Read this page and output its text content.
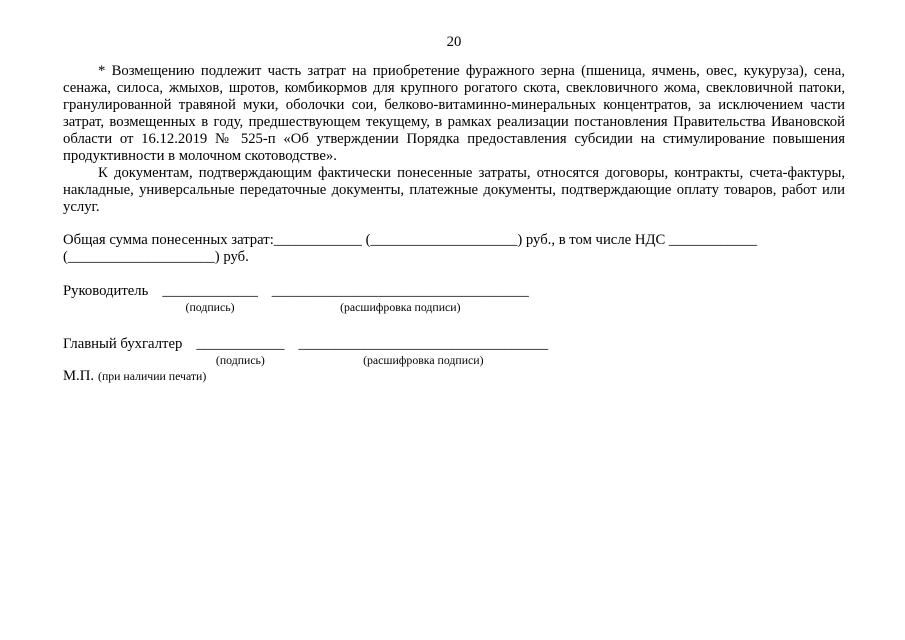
20

* Возмещению подлежит часть затрат на приобретение фуражного зерна (пшеница, ячмень, овес, кукуруза), сена, сенажа, силоса, жмыхов, шротов, комбикормов для крупного рогатого скота, свекловичного жома, свекловичной патоки, гранулированной травяной муки, оболочки сои, белково-витаминно-минеральных концентратов, за исключением части затрат, возмещенных в году, предшествующем текущему, в рамках реализации постановления Правительства Ивановской области от 16.12.2019 № 525-п «Об утверждении Порядка предоставления субсидии на стимулирование повышения продуктивности в молочном скотоводстве».

К документам, подтверждающим фактически понесенные затраты, относятся договоры, контракты, счета-фактуры, накладные, универсальные передаточные документы, платежные документы, подтверждающие оплату товаров, работ или услуг.

Общая сумма понесенных затрат:____________ (____________________) руб., в том числе НДС ____________

(____________________) руб.

Руководитель _____________
(подпись)
___________________________________
(расшифровка подписи)
Главный бухгалтер ____________
(подпись)
__________________________________
(расшифровка подписи)
М.П. (при наличии печати)
